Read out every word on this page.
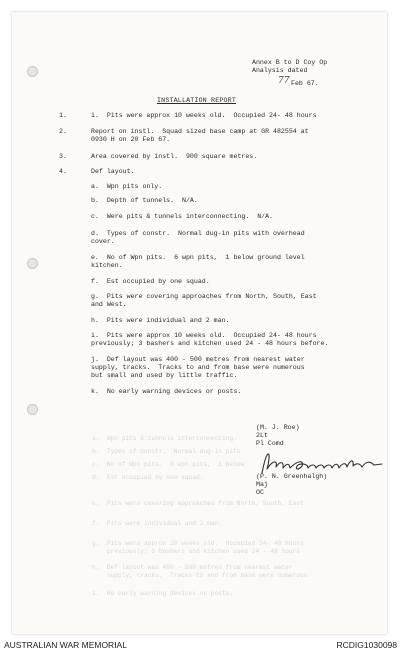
a.  Wpn pits & tunnels interconnecting.
b.  Types of constr.  Normal dug-in pits
c.  No of Wpn pits.  6 wpn pits,  1 below
d.  Est occupied by one squad.
e.  Pits were covering approaches from North, South, East
f.  Pits were individual and 2 man.
g.  Pits were approx 10 weeks old.  Occupied 24- 48 hours
previously; 3 bashers and kitchen used 24 - 48 hours
h.  Def layout was 400 - 500 metres from nearest water
supply, tracks.  Tracks to and from base were numerous
i.  No early warning devices or posts.
Annex B to D Coy Op
Analysis dated
77 Feb 67.
INSTALLATION REPORT
1.	i.  Pits were approx 10 weeks old.  Occupied 24- 48 hours
2.	Report on instl.  Squad sized base camp at GR 482554 at
0930 H on 20 Feb 67.
3.	Area covered by instl.  900 square metres.
4.	Def layout.
a.  Wpn pits only.
b.  Depth of tunnels.  N/A.
c.  Were pits & tunnels interconnecting.  N/A.
d.  Types of constr.  Normal dug-in pits with overhead
cover.
e.  No of Wpn pits.  6 wpn pits,  1 below ground level
kitchen.
f.  Est occupied by one squad.
g.  Pits were covering approaches from North, South, East
and West.
h.  Pits were individual and 2 man.
i.  Pits were approx 10 weeks old.  Occupied 24- 48 hours
previously; 3 bashers and kitchen used 24 - 48 hours before.
j.  Def layout was 400 - 500 metres from nearest water
supply, tracks.  Tracks to and from base were numerous
but small and used by little traffic.
k.  No early warning devices or posts.
(M. J. Roe)
2Lt
Pl Comd
(P. N. Greenhalgh)
Maj
OC
AUSTRALIAN WAR MEMORIAL	RCDIG1030098
